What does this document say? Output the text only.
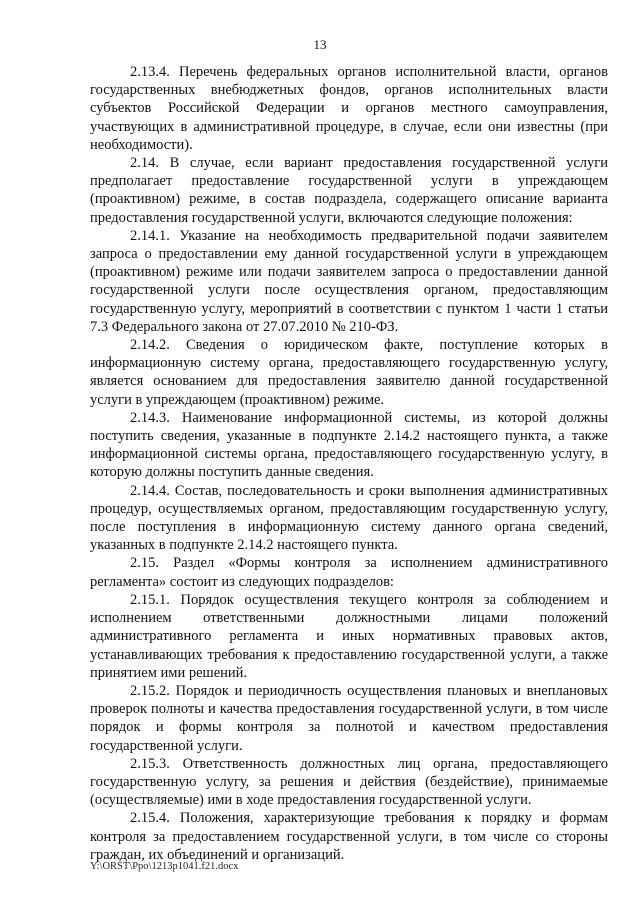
13

2.13.4. Перечень федеральных органов исполнительной власти, органов государственных внебюджетных фондов, органов исполнительных власти субъектов Российской Федерации и органов местного самоуправления, участвующих в административной процедуре, в случае, если они известны (при необходимости).

2.14. В случае, если вариант предоставления государственной услуги предполагает предоставление государственной услуги в упреждающем (проактивном) режиме, в состав подраздела, содержащего описание варианта предоставления государственной услуги, включаются следующие положения:

2.14.1. Указание на необходимость предварительной подачи заявителем запроса о предоставлении ему данной государственной услуги в упреждающем (проактивном) режиме или подачи заявителем запроса о предоставлении данной государственной услуги после осуществления органом, предоставляющим государственную услугу, мероприятий в соответствии с пунктом 1 части 1 статьи 7.3 Федерального закона от 27.07.2010 № 210-ФЗ.

2.14.2. Сведения о юридическом факте, поступление которых в информационную систему органа, предоставляющего государственную услугу, является основанием для предоставления заявителю данной государственной услуги в упреждающем (проактивном) режиме.

2.14.3. Наименование информационной системы, из которой должны поступить сведения, указанные в подпункте 2.14.2 настоящего пункта, а также информационной системы органа, предоставляющего государственную услугу, в которую должны поступить данные сведения.

2.14.4. Состав, последовательность и сроки выполнения административных процедур, осуществляемых органом, предоставляющим государственную услугу, после поступления в информационную систему данного органа сведений, указанных в подпункте 2.14.2 настоящего пункта.

2.15. Раздел «Формы контроля за исполнением административного регламента» состоит из следующих подразделов:

2.15.1. Порядок осуществления текущего контроля за соблюдением и исполнением ответственными должностными лицами положений административного регламента и иных нормативных правовых актов, устанавливающих требования к предоставлению государственной услуги, а также принятием ими решений.

2.15.2. Порядок и периодичность осуществления плановых и внеплановых проверок полноты и качества предоставления государственной услуги, в том числе порядок и формы контроля за полнотой и качеством предоставления государственной услуги.

2.15.3. Ответственность должностных лиц органа, предоставляющего государственную услугу, за решения и действия (бездействие), принимаемые (осуществляемые) ими в ходе предоставления государственной услуги.

2.15.4. Положения, характеризующие требования к порядку и формам контроля за предоставлением государственной услуги, в том числе со стороны граждан, их объединений и организаций.

Y:\ORST\Ppo\1213p1041.f21.docx
